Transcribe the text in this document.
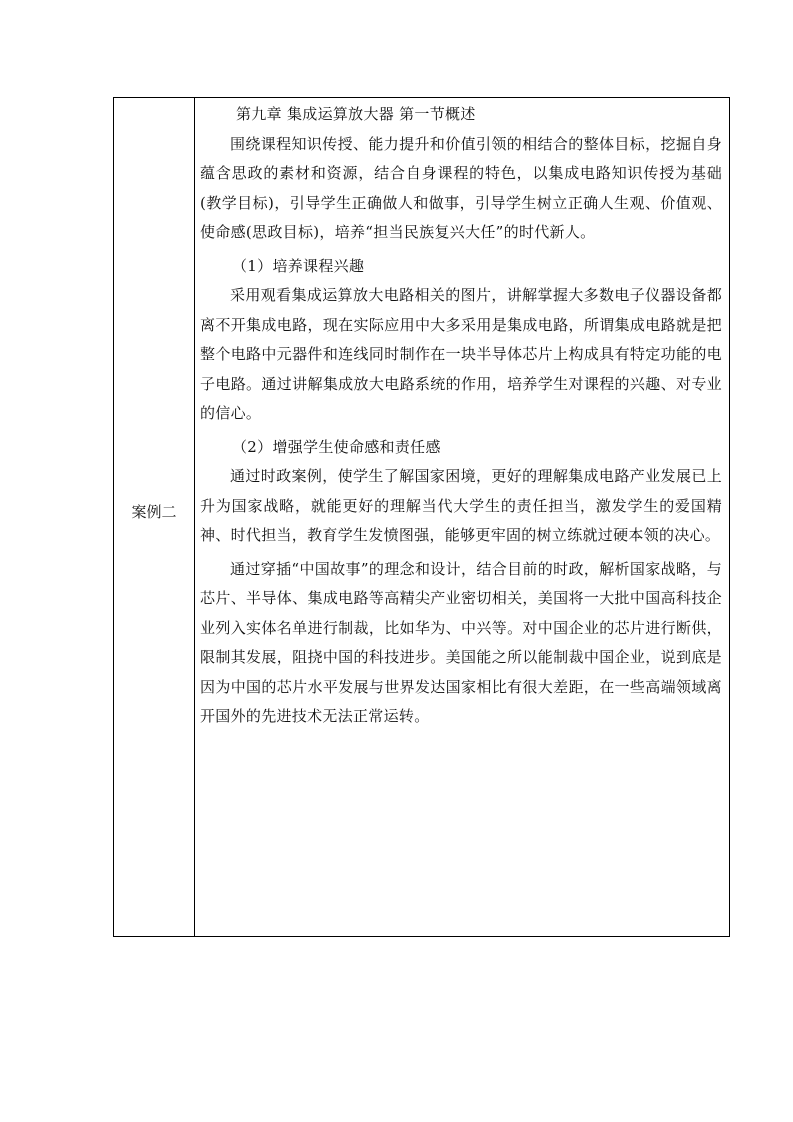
案例二

第九章 集成运算放大器 第一节概述

围绕课程知识传授、能力提升和价值引领的相结合的整体目标，挖掘自身蕴含思政的素材和资源，结合自身课程的特色，以集成电路知识传授为基础(教学目标)，引导学生正确做人和做事，引导学生树立正确人生观、价值观、使命感(思政目标)，培养“担当民族复兴大任”的时代新人。

（1）培养课程兴趣

采用观看集成运算放大电路相关的图片，讲解掌握大多数电子仪器设备都离不开集成电路，现在实际应用中大多采用是集成电路，所谓集成电路就是把整个电路中元器件和连线同时制作在一块半导体芯片上构成具有特定功能的电子电路。通过讲解集成放大电路系统的作用，培养学生对课程的兴趣、对专业的信心。

（2）增强学生使命感和责任感

通过时政案例，使学生了解国家困境，更好的理解集成电路产业发展已上升为国家战略，就能更好的理解当代大学生的责任担当，激发学生的爱国精神、时代担当，教育学生发愤图强，能够更牢固的树立练就过硬本领的决心。

通过穿插“中国故事”的理念和设计，结合目前的时政，解析国家战略，与芯片、半导体、集成电路等高精尖产业密切相关，美国将一大批中国高科技企业列入实体名单进行制裁，比如华为、中兴等。对中国企业的芯片进行断供，限制其发展，阻挠中国的科技进步。美国能之所以能制裁中国企业，说到底是因为中国的芯片水平发展与世界发达国家相比有很大差距，在一些高端领域离开国外的先进技术无法正常运转。
